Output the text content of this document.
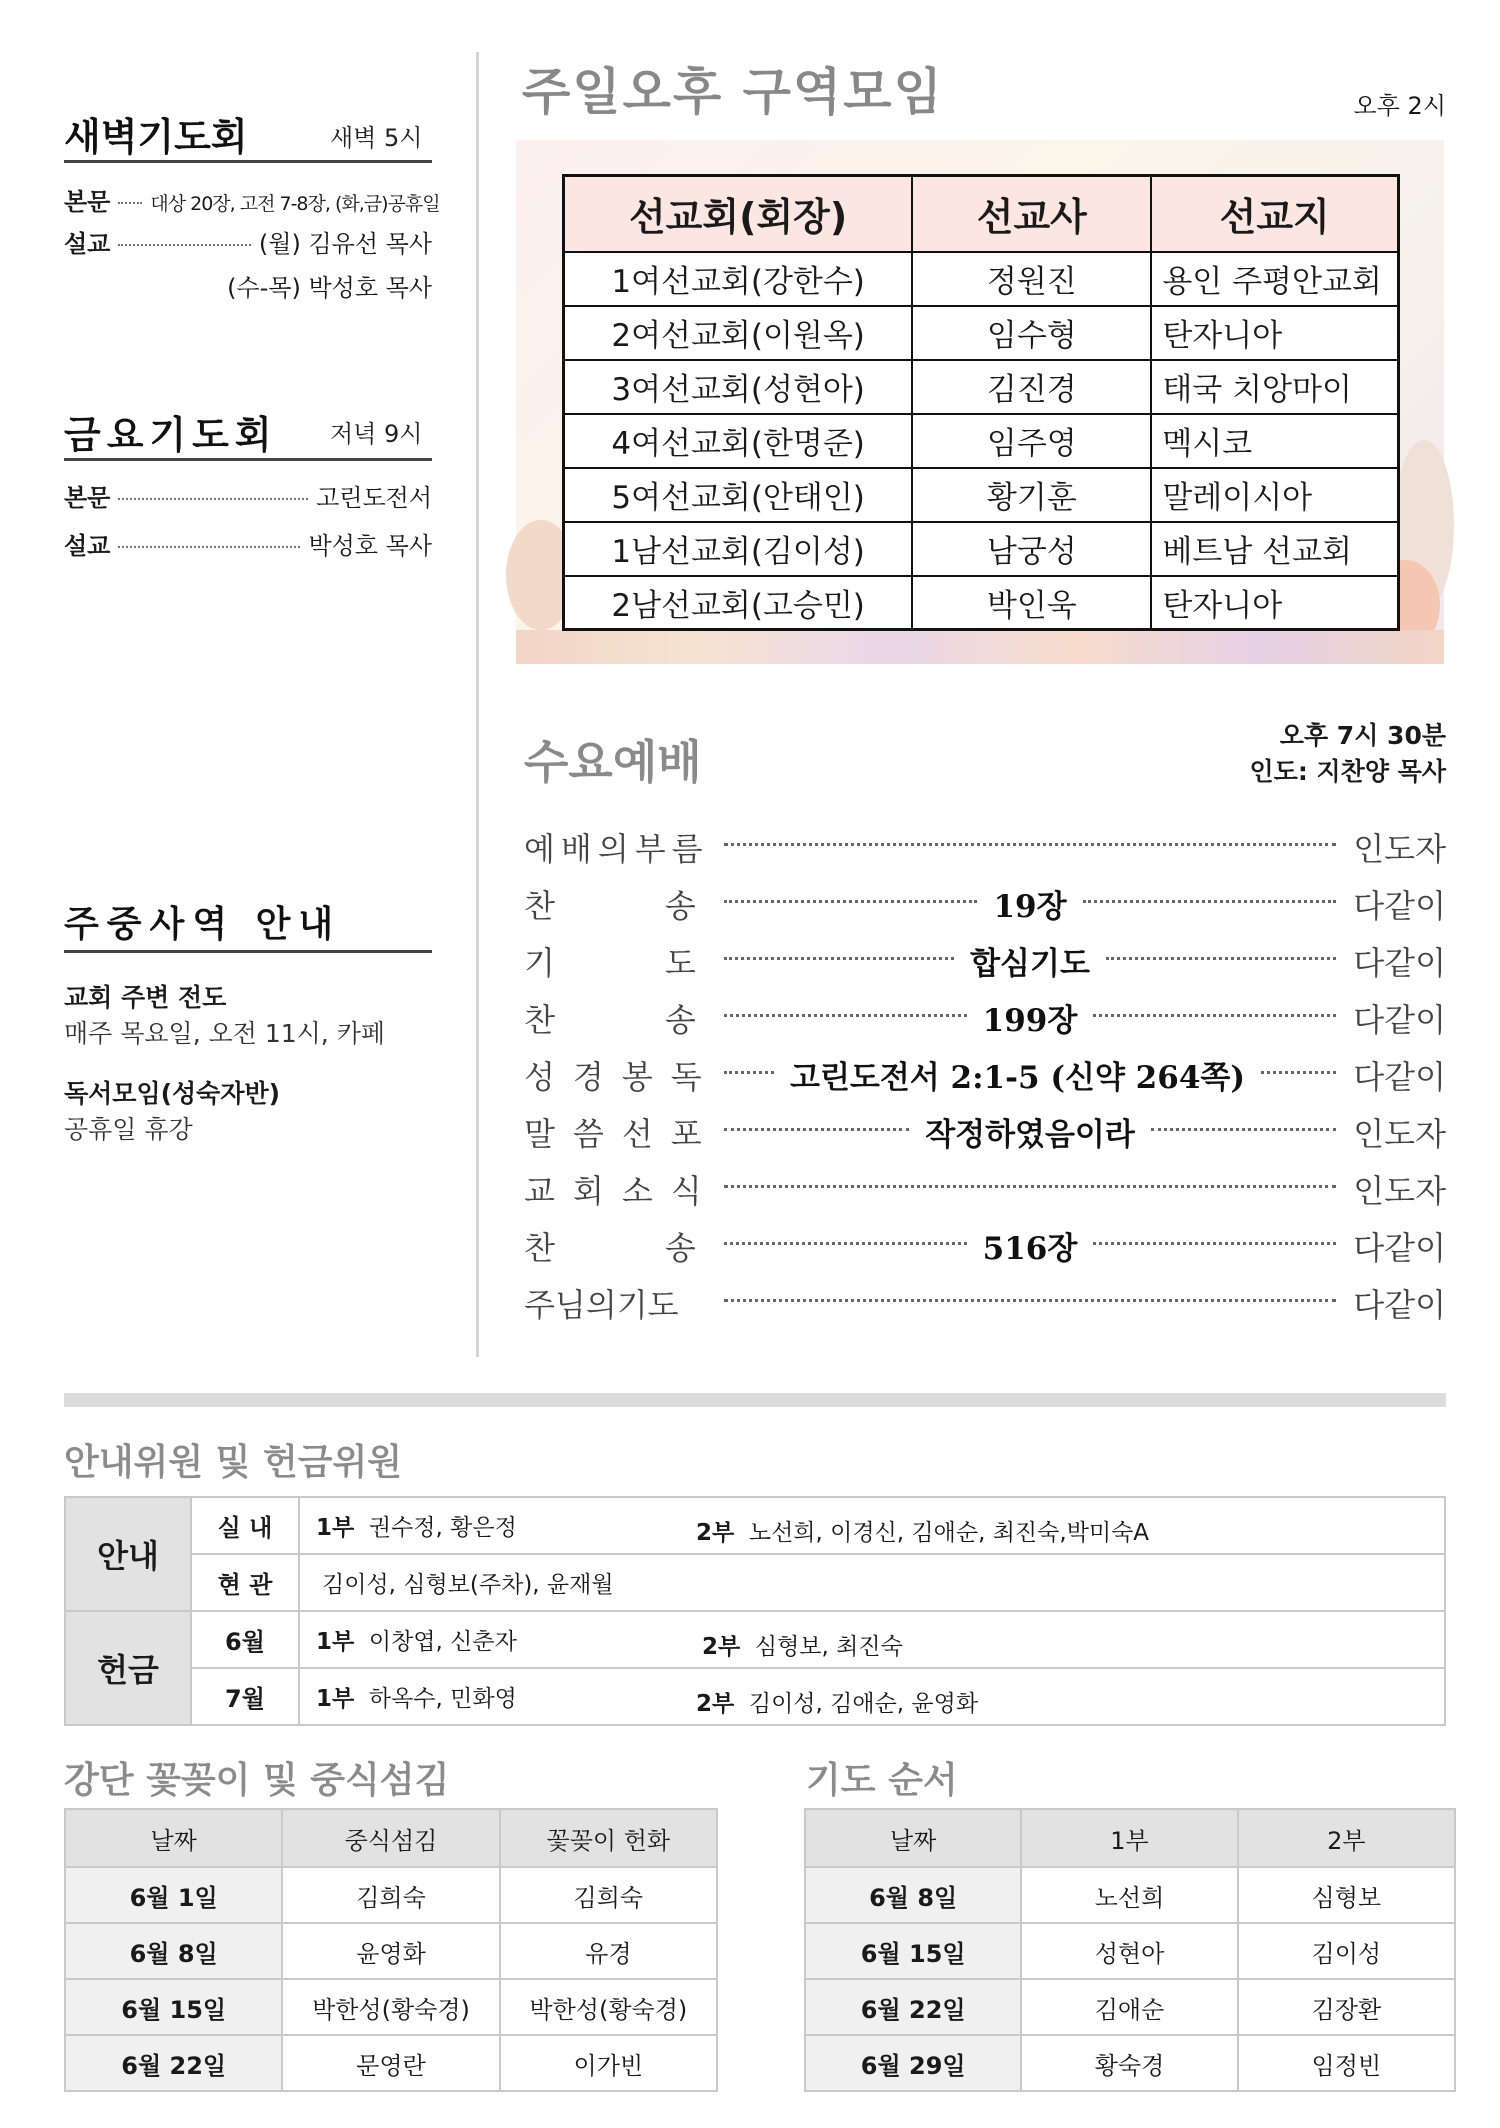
새벽기도회	새벽 5시
본문 대상 20장, 고전 7-8장, (화,금)공휴일
설교	(월) 김유선 목사
(수-목) 박성호 목사
금요기도회 저녁 9시
본문	고린도전서
설교	박성호 목사
주중사역 안내
교회 주변 전도
매주 목요일, 오전 11시, 카페
독서모임(성숙자반)
공휴일 휴강
주일오후 구역모임	오후 2시
선교회(회장)	선교사	선교지
1여선교회(강한수)	정원진	용인 주평안교회
2여선교회(이원옥)	임수형	탄자니아
3여선교회(성현아)	김진경	태국 치앙마이
4여선교회(한명준)	임주영	멕시코
5여선교회(안태인)	황기훈	말레이시아
1남선교회(김이성)	남궁성	베트남 선교회
2남선교회(고승민)	박인욱	탄자니아
수요예배	오후 7시 30분
인도: 지찬양 목사
예배의부름	인도자
찬송	19장	다같이
기도	합심기도	다같이
찬송	199장	다같이
성경봉독 고린도전서 2:1-5 (신약 264쪽)	다같이
말씀선포	작정하였음이라	인도자
교회소식	인도자
찬송	516장	다같이
주님의기도	다같이
안내위원 및 헌금위원
안내	실 내	1부 권수정, 황은정 2부 노선희, 이경신, 김애순, 최진숙,박미숙A

	현 관	김이성, 심형보(주차), 윤재월
헌금	6월	1부 이창엽, 신춘자 2부 심형보, 최진숙

	7월	1부 하옥수, 민화영 2부 김이성, 김애순, 윤영화
강단 꽃꽂이 및 중식섬김
날짜	중식섬김	꽃꽂이 헌화
6월 1일	김희숙	김희숙
6월 8일	윤영화	유경
6월 15일	박한성(황숙경)	박한성(황숙경)
6월 22일	문영란	이가빈
기도 순서
날짜	1부	2부
6월 8일	노선희	심형보
6월 15일	성현아	김이성
6월 22일	김애순	김장환
6월 29일	황숙경	임정빈
